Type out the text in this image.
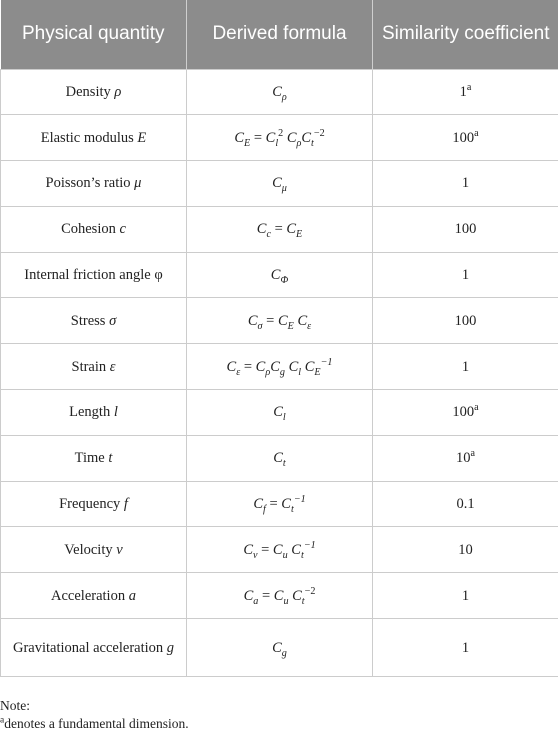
Physical quantity	Derived formula	Similarity coefficient
Density ρ	$C_\rho$	1$^a$
Elastic modulus E	$C_E = C_l^2$ $C_\rho C_t^{-2}$	100$^a$
Poisson’s ratio μ	$C_\mu$	1
Cohesion c	$C_c = C_E$	100
Internal friction angle φ	$C_\Phi$	1
Stress σ	$C_\sigma = C_E$ $C_\varepsilon$	100
Strain ε	$C_\varepsilon = C_\rho C_g$ $C_l$ $C_E^{-1}$	1
Length l	$C_l$	100$^a$
Time t	$C_t$	10$^a$
Frequency f	$C_f = C_t^{-1}$	0.1
Velocity v	$C_v = C_u$ $C_t^{-1}$	10
Acceleration a	$C_a = C_u$ $C_t^{-2}$	1
Gravitational acceleration g	$C_g$	1
Note:
$^a$denotes a fundamental dimension.
